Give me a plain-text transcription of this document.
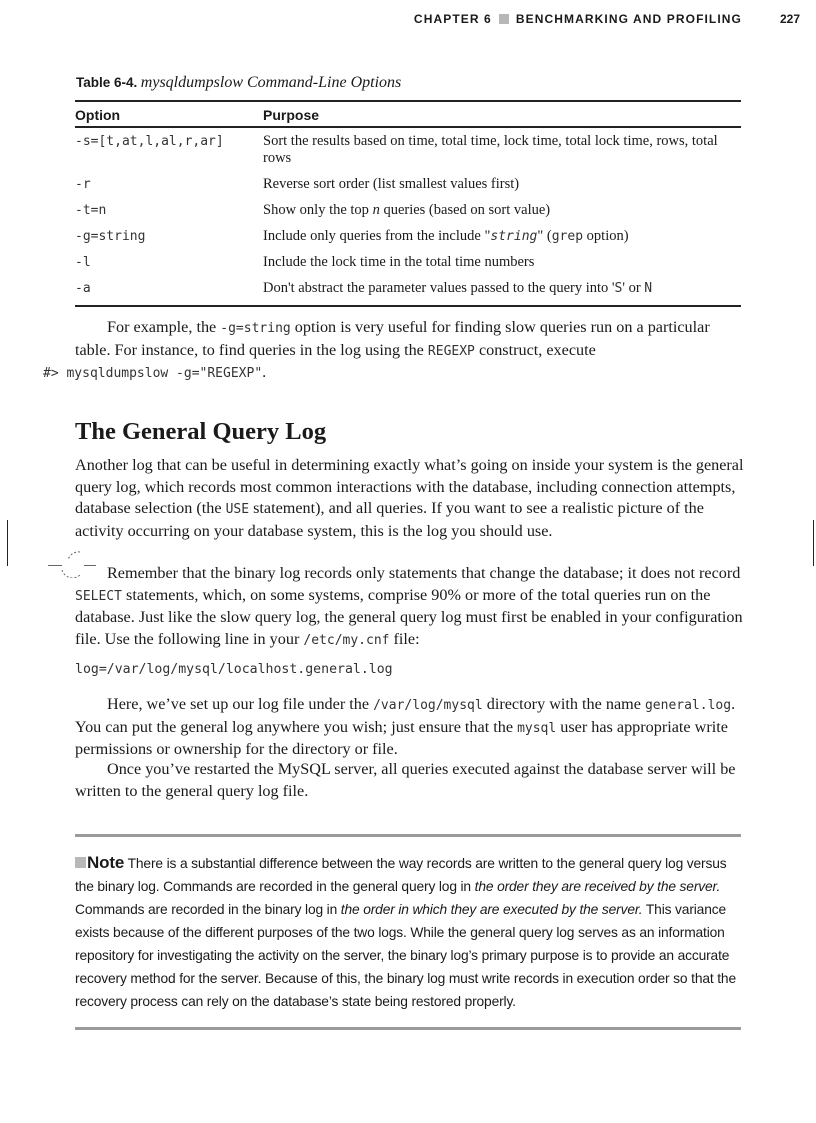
CHAPTER 6 BENCHMARKING AND PROFILING	227
Table 6-4. mysqldumpslow Command-Line Options
Option	Purpose
-s=[t,at,l,al,r,ar]	Sort the results based on time, total time, lock time, total lock time, rows, total rows
-r	Reverse sort order (list smallest values first)
-t=n	Show only the top n queries (based on sort value)
-g=string	Include only queries from the include "string" (grep option)
-l	Include the lock time in the total time numbers
-a	Don't abstract the parameter values passed to the query into 'S' or N

For example, the -g=string option is very useful for finding slow queries run on a particular table. For instance, to find queries in the log using the REGEXP construct, execute
#> mysqldumpslow -g="REGEXP".

The General Query Log

Another log that can be useful in determining exactly what’s going on inside your system is the general query log, which records most common interactions with the database, including connection attempts, database selection (the USE statement), and all queries. If you want to see a realistic picture of the activity occurring on your database system, this is the log you should use.

Remember that the binary log records only statements that change the database; it does not record SELECT statements, which, on some systems, comprise 90% or more of the total queries run on the database. Just like the slow query log, the general query log must first be enabled in your configuration file. Use the following line in your /etc/my.cnf file:

log=/var/log/mysql/localhost.general.log

Here, we’ve set up our log file under the /var/log/mysql directory with the name general.log. You can put the general log anywhere you wish; just ensure that the mysql user has appropriate write permissions or ownership for the directory or file.

Once you’ve restarted the MySQL server, all queries executed against the database server will be written to the general query log file.

Note There is a substantial difference between the way records are written to the general query log versus the binary log. Commands are recorded in the general query log in the order they are received by the server. Commands are recorded in the binary log in the order in which they are executed by the server. This variance exists because of the different purposes of the two logs. While the general query log serves as an information repository for investigating the activity on the server, the binary log’s primary purpose is to provide an accurate recovery method for the server. Because of this, the binary log must write records in execution order so that the recovery process can rely on the database’s state being restored properly.
